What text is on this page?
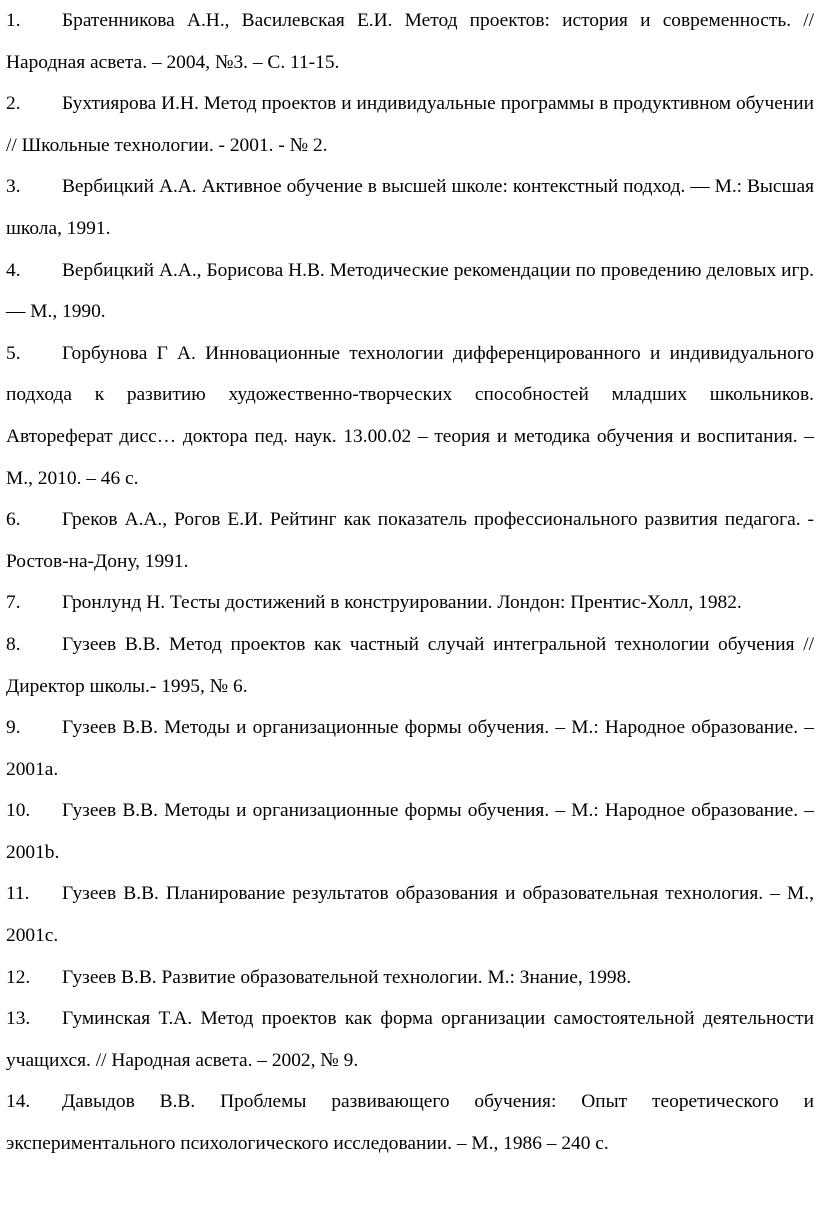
1. Братенникова А.Н., Василевская Е.И. Метод проектов: история и современность. // Народная асвета. – 2004, №3. – С. 11-15.
2. Бухтиярова И.Н. Метод проектов и индивидуальные программы в продуктивном обучении // Школьные технологии. - 2001. - № 2.
3. Вербицкий А.А. Активное обучение в высшей школе: контекстный подход. — М.: Высшая школа, 1991.
4. Вербицкий А.А., Борисова Н.В. Методические рекомендации по проведению деловых игр.— М., 1990.
5. Горбунова Г А. Инновационные технологии дифференцированного и индивидуального подхода к развитию художественно-творческих способностей младших школьников. Автореферат дисс… доктора пед. наук. 13.00.02 – теория и методика обучения и воспитания. – М., 2010. – 46 с.
6. Греков А.А., Рогов Е.И. Рейтинг как показатель профессионального развития педагога. - Ростов-на-Дону, 1991.
7. Гронлунд Н. Тесты достижений в конструировании. Лондон: Прентис-Холл, 1982.
8. Гузеев В.В. Метод проектов как частный случай интегральной технологии обучения // Директор школы.- 1995, № 6.
9. Гузеев В.В. Методы и организационные формы обучения. – М.: Народное образование. – 2001a.
10. Гузеев В.В. Методы и организационные формы обучения. – М.: Народное образование. – 2001b.
11. Гузеев В.В. Планирование результатов образования и образовательная технология. – М., 2001c.
12. Гузеев В.В. Развитие образовательной технологии. М.: Знание, 1998.
13. Гуминская Т.А. Метод проектов как форма организации самостоятельной деятельности учащихся. // Народная асвета. – 2002, № 9.
14. Давыдов В.В. Проблемы развивающего обучения: Опыт теоретического и экспериментального психологического исследовании. – М., 1986 – 240 с.
